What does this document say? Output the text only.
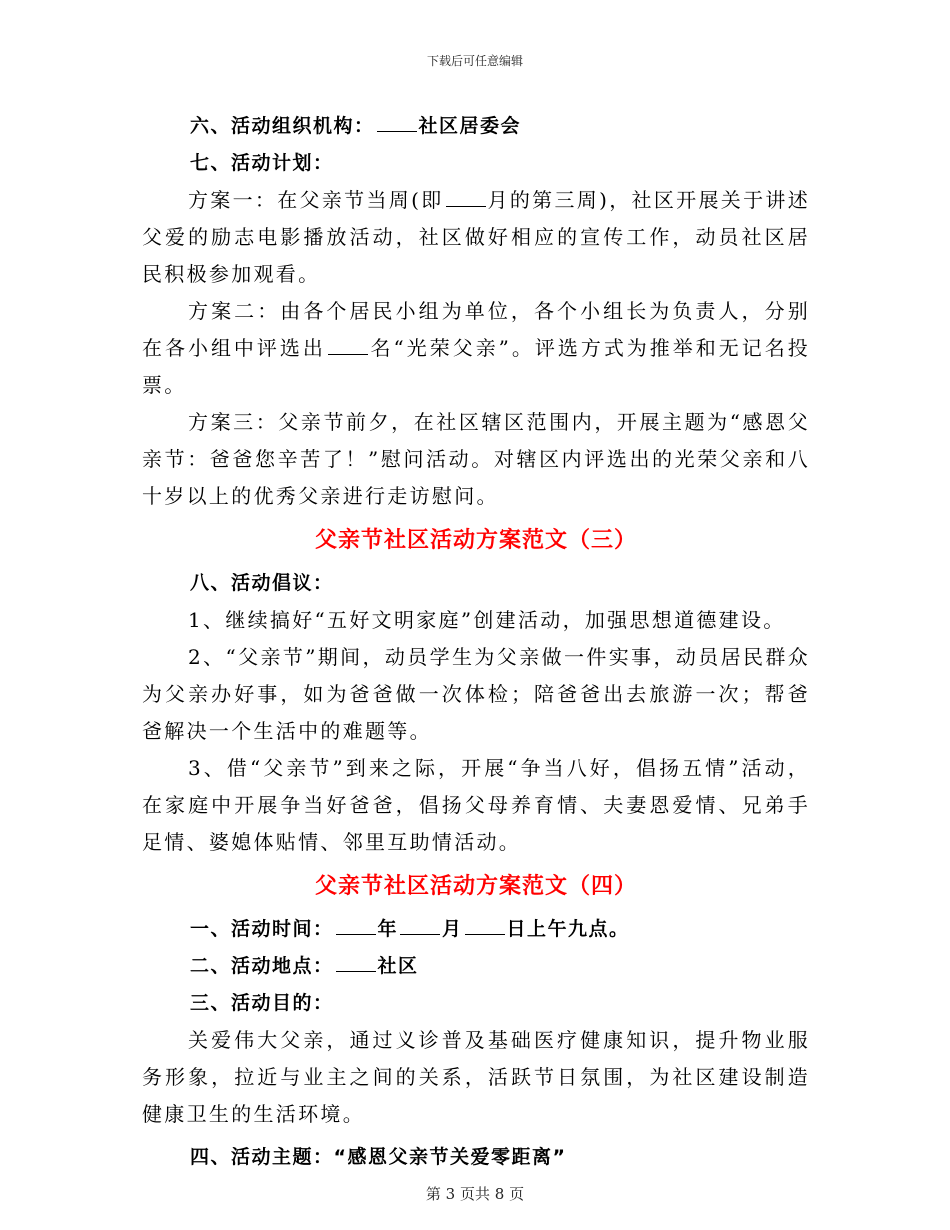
下载后可任意编辑

六、活动组织机构： 社区居委会

七、活动计划：

方案一：在父亲节当周(即 月的第三周)，社区开展关于讲述父爱的励志电影播放活动，社区做好相应的宣传工作，动员社区居民积极参加观看。

方案二：由各个居民小组为单位，各个小组长为负责人，分别在各小组中评选出 名“光荣父亲”。评选方式为推举和无记名投票。

方案三：父亲节前夕，在社区辖区范围内，开展主题为“感恩父亲节：爸爸您辛苦了！”慰问活动。对辖区内评选出的光荣父亲和八十岁以上的优秀父亲进行走访慰问。

父亲节社区活动方案范文（三）

八、活动倡议：

1、继续搞好“五好文明家庭”创建活动，加强思想道德建设。

2、“父亲节”期间，动员学生为父亲做一件实事，动员居民群众为父亲办好事，如为爸爸做一次体检；陪爸爸出去旅游一次；帮爸爸解决一个生活中的难题等。

3、借“父亲节”到来之际，开展“争当八好，倡扬五情”活动，在家庭中开展争当好爸爸，倡扬父母养育情、夫妻恩爱情、兄弟手足情、婆媳体贴情、邻里互助情活动。

父亲节社区活动方案范文（四）

一、活动时间： 年 月 日上午九点。

二、活动地点： 社区

三、活动目的：

关爱伟大父亲，通过义诊普及基础医疗健康知识，提升物业服务形象，拉近与业主之间的关系，活跃节日氛围，为社区建设制造健康卫生的生活环境。

四、活动主题：“感恩父亲节关爱零距离”

第 3 页共 8 页
